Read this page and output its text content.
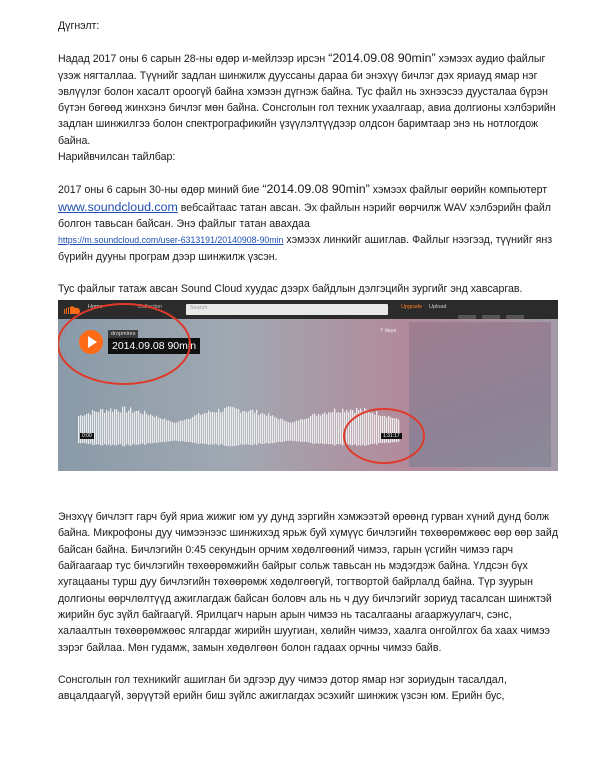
Дүгнэлт:

Надад 2017 оны 6 сарын 28-ны өдөр и-мейлээр ирсэн “2014.09.08 90min” хэмээх аудио файлыг үзэж нягталлаа. Түүнийг задлан шинжилж дуусcаны дараа би энэхүү бичлэг дэх яриаyд ямар нэг эвлүүлэг болон хасалт ороогүй байна хэмээн дүгнэж байна. Тус файл нь эхнээсээ дуусталаа бүрэн бүтэн бөгөөд жинхэнэ бичлэг мөн байна. Сонсголын гол техник ухаалгаар, авиа долгионы хэлбэрийн задлан шинжилгээ болон спектрографикийн үзүүлэлтүүдээр олдсон баримтаар энэ нь нотлогдож байна.

Нарийвчилсан тайлбар:

2017 оны 6 сарын 30-ны өдөр миний бие “2014.09.08 90min” хэмээх файлыг өөрийн компьютерт www.soundcloud.com вебсайтаас татан авсан. Эх файлын нэрийг өөрчилж WAV хэлбэрийн файл болгон тавьсан байсан. Энэ файлыг татан авахдаа
https://m.soundcloud.com/user-6313191/20140908-90min хэмээх линкийг ашиглав. Файлыг нээгээд, түүнийг янз бүрийн дууны програм дээр шинжилж үзсэн.

Тус файлыг татаж авсан Sound Cloud хуудас дээрх байдлын дэлгэцийн зургийг энд хавсаргав.

Home	Collection	Search	Upgrade Upload
dropmires
2014.09.08 90min
7 days
0:00	1:31:17

Энэхүү бичлэгт гарч буй яриа жижиг юм уу дунд зэргийн хэмжээтэй өрөөнд гурван хүний дунд болж байна. Микрофоны дуу чимээнээс шинжихэд ярьж буй хүмүүс бичлэгийн төхөөрөмжөөс өөр өөр зайд байсан байна. Бичлэгийн 0:45 секундын орчим хөдөлгөөний чимээ, гарын үсгийн чимээ гарч байгаагаар тус бичлэгийн төхөөрөмжийн байрыг сольж тавьсан нь мэдэгдэж байна. Үлдсэн бүх хугацааны турш дуу бичлэгийн төхөөрөмж хөдөлгөөгүй, тогтвортой байрлалд байна. Түр зуурын долгионы өөрчлөлтүүд ажиглагдаж байсан боловч аль нь ч дуу бичлэгийг зориуд тасалсан шинжтэй жирийн бус зүйл байгаагүй. Ярилцагч нарын арын чимээ нь тасалгааны агааржуулагч, сэнс, халаалтын төхөөрөмжөөс ялгардаг жирийн шуугиан, хөлийн чимээ, хаалга онгойлгох ба хаах чимээ зэрэг байлаа. Мөн гудамж, замын хөдөлгөөн болон гадаах орчны чимээ байв.

Сонсголын гол техникийг ашиглан би эдгээр дуу чимээ дотор ямар нэг зориудын тасалдал, авцалдаагүй, зөрүүтэй ерийн биш зүйлс ажиглагдах эсэхийг шинжиж үзсэн юм. Ерийн бус,
